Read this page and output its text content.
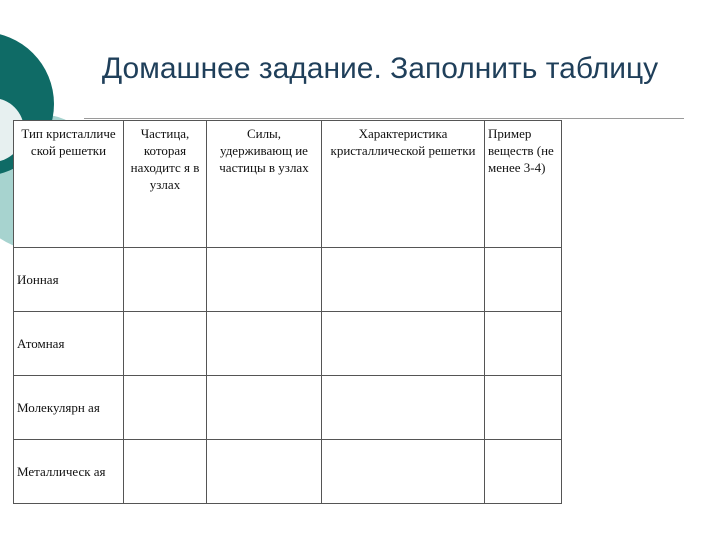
Домашнее задание. Заполнить таблицу
Тип кристалличе ской решетки	Частица, которая находитс я в узлах	Силы, удерживающ ие частицы в узлах	Характеристика кристаллической решетки	Пример веществ (не менее 3-4)
Ионная				
Атомная				
Молекулярн ая				
Металлическ ая				
